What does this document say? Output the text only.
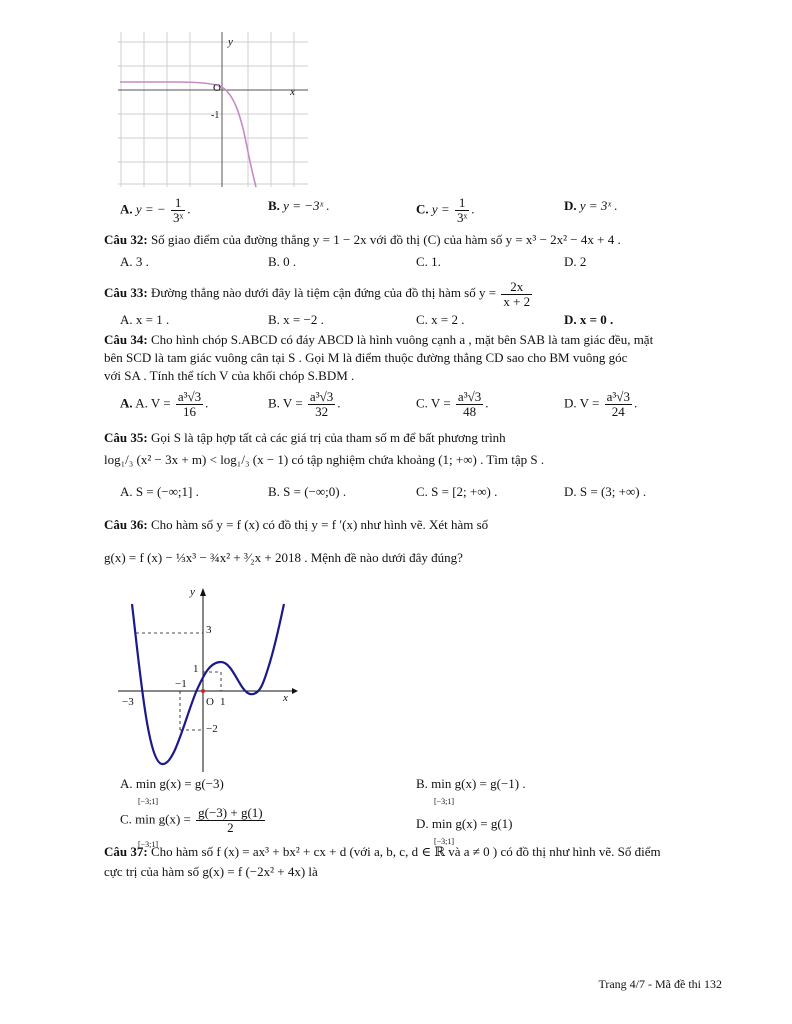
y
x
O
-1
A. y = − $\frac{1}{\text{3ˣ}}$ .	B. y = −3ˣ .	C. $y = \frac{1}{\text{3ˣ}}$ .	D. y = 3ˣ .
Câu 32: Số giao điểm của đường thẳng y = 1 − 2x với đồ thị (C) của hàm số y = x³ − 2x² − 4x + 4 .
A. 3 .	B. 0 .	C. 1.	D. 2
Câu 33: Đường thẳng nào dưới đây là tiệm cận đứng của đồ thị hàm số $y = \frac{2x}{x + 2}$
A. x = 1 .	B. x = −2 .	C. x = 2 .	D. x = 0 .
Câu 34: Cho hình chóp S.ABCD có đáy ABCD là hình vuông cạnh a , mặt bên SAB là tam giác đều, mặt
bên SCD là tam giác vuông cân tại S . Gọi M là điểm thuộc đường thẳng CD sao cho BM vuông góc
với SA . Tính thể tích V của khối chóp S.BDM .
A. A. $V = \frac{\text{a³√3}}{16}$ .	B. $V = \frac{\text{a³√3}}{32}$ .	C. $V = \frac{\text{a³√3}}{48}$ .	D. $V = \frac{\text{a³√3}}{24}$ .
Câu 35: Gọi S là tập hợp tất cả các giá trị của tham số m để bất phương trình
log₁/₃ (x² − 3x + m) < log₁/₃ (x − 1) có tập nghiệm chứa khoảng (1; +∞) . Tìm tập S .
A. S = (−∞;1] .	B. S = (−∞;0) .	C. S = [2; +∞) .	D. S = (3; +∞) .
Câu 36: Cho hàm số y = f (x) có đồ thị y = f ′(x) như hình vẽ. Xét hàm số
g(x) = f (x) − ⅓x³ − ¾x² + ³⁄₂x + 2018 . Mệnh đề nào dưới đây đúng?
y
x
3
1
−1
−3	O 1
−2
A. min g(x) = g(−3)
[−3;1]
B. min g(x) = g(−1) .
[−3;1]
C. $\min g(x) = \frac{g(-3) + g(1)}{2}$

[−3;1]
D. min g(x) = g(1)
[−3;1]
Câu 37: Cho hàm số f (x) = ax³ + bx² + cx + d (với a, b, c, d ∈ ℝ và a ≠ 0 ) có đồ thị như hình vẽ. Số điểm
cực trị của hàm số g(x) = f (−2x² + 4x) là
Trang 4/7 - Mã đề thi 132
